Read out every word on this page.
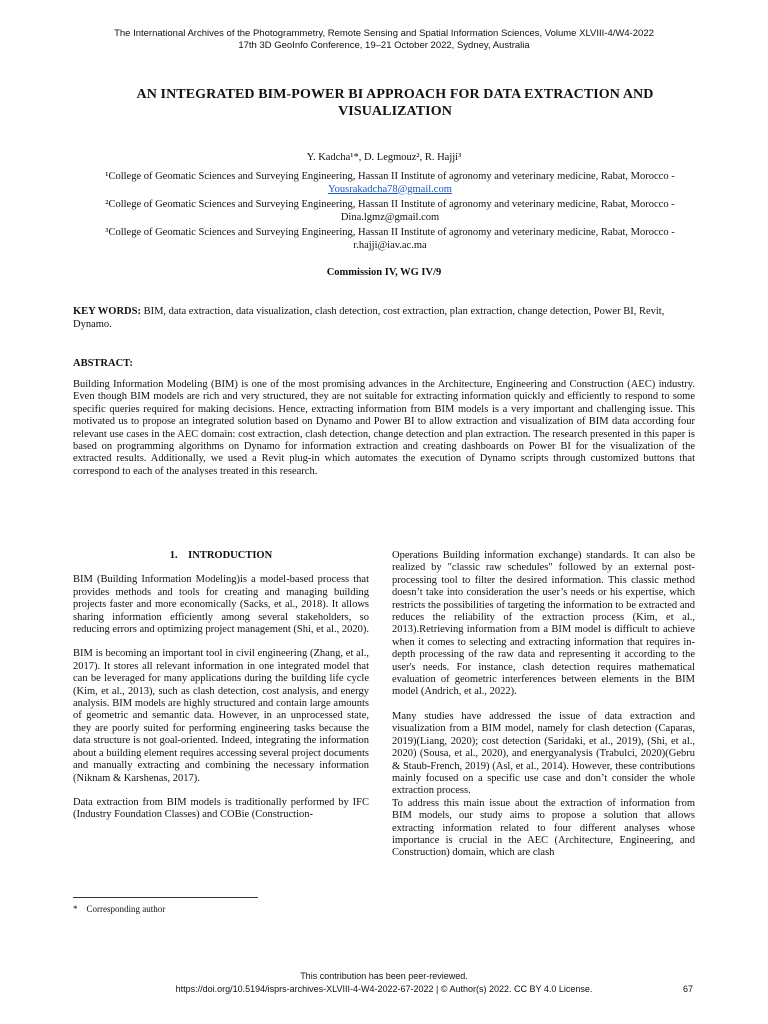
The International Archives of the Photogrammetry, Remote Sensing and Spatial Information Sciences, Volume XLVIII-4/W4-2022
17th 3D GeoInfo Conference, 19–21 October 2022, Sydney, Australia
AN INTEGRATED BIM-POWER BI APPROACH FOR DATA EXTRACTION AND VISUALIZATION
Y. Kadcha¹*, D. Legmouz², R. Hajji³
¹College of Geomatic Sciences and Surveying Engineering, Hassan II Institute of agronomy and veterinary medicine, Rabat, Morocco -Yousrakadcha78@gmail.com
²College of Geomatic Sciences and Surveying Engineering, Hassan II Institute of agronomy and veterinary medicine, Rabat, Morocco -Dina.lgmz@gmail.com
³College of Geomatic Sciences and Surveying Engineering, Hassan II Institute of agronomy and veterinary medicine, Rabat, Morocco -r.hajji@iav.ac.ma
Commission IV, WG IV/9
KEY WORDS: BIM, data extraction, data visualization, clash detection, cost extraction, plan extraction, change detection, Power BI, Revit, Dynamo.
ABSTRACT:
Building Information Modeling (BIM) is one of the most promising advances in the Architecture, Engineering and Construction (AEC) industry. Even though BIM models are rich and very structured, they are not suitable for extracting information quickly and efficiently to respond to some specific queries required for making decisions. Hence, extracting information from BIM models is a very important and challenging issue. This motivated us to propose an integrated solution based on Dynamo and Power BI to allow extraction and visualization of BIM data according four relevant use cases in the AEC domain: cost extraction, clash detection, change detection and plan extraction. The research presented in this paper is based on programming algorithms on Dynamo for information extraction and creating dashboards on Power BI for the visualization of the extracted results. Additionally, we used a Revit plug-in which automates the execution of Dynamo scripts through customized buttons that correspond to each of the analyses treated in this research.
1.    INTRODUCTION

BIM (Building Information Modeling)is a model-based process that provides methods and tools for creating and managing building projects faster and more economically (Sacks, et al., 2018). It allows sharing information efficiently among several stakeholders, so reducing errors and optimizing project management (Shi, et al., 2020).

BIM is becoming an important tool in civil engineering (Zhang, et al., 2017). It stores all relevant information in one integrated model that can be leveraged for many applications during the building life cycle (Kim, et al., 2013), such as clash detection, cost analysis, and energy analysis. BIM models are highly structured and contain large amounts of geometric and semantic data. However, in an unprocessed state, they are poorly suited for performing engineering tasks because the data structure is not goal-oriented. Indeed, integrating the information about a building element requires accessing several project documents and manually extracting and combining the necessary information (Niknam & Karshenas, 2017).

Data extraction from BIM models is traditionally performed by IFC (Industry Foundation Classes) and COBie (Construction-

Operations Building information exchange) standards. It can also be realized by "classic raw schedules" followed by an external post-processing tool to filter the desired information. This classic method doesn’t take into consideration the user’s needs or his expertise, which restricts the possibilities of targeting the information to be extracted and reduces the reliability of the extraction process (Kim, et al., 2013).Retrieving information from a BIM model is difficult to achieve when it comes to selecting and extracting information that requires in-depth processing of the raw data and representing it according to the user's needs. For instance, clash detection requires mathematical evaluation of geometric interferences between elements in the BIM model (Andrich, et al., 2022).

Many studies have addressed the issue of data extraction and visualization from a BIM model, namely for clash detection (Caparas, 2019)(Liang, 2020); cost detection (Saridaki, et al., 2019), (Shi, et al., 2020) (Sousa, et al., 2020), and energyanalysis (Trabulci, 2020)(Gebru & Staub-French, 2019) (Asl, et al., 2014). However, these contributions mainly focused on a specific use case and don’t consider the whole extraction process.

To address this main issue about the extraction of information from BIM models, our study aims to propose a solution that allows extracting information related to four different analyses whose importance is crucial in the AEC (Architecture, Engineering, and Construction) domain, which are clash

*    Corresponding author
This contribution has been peer-reviewed.
https://doi.org/10.5194/isprs-archives-XLVIII-4-W4-2022-67-2022 | © Author(s) 2022. CC BY 4.0 License.	67
